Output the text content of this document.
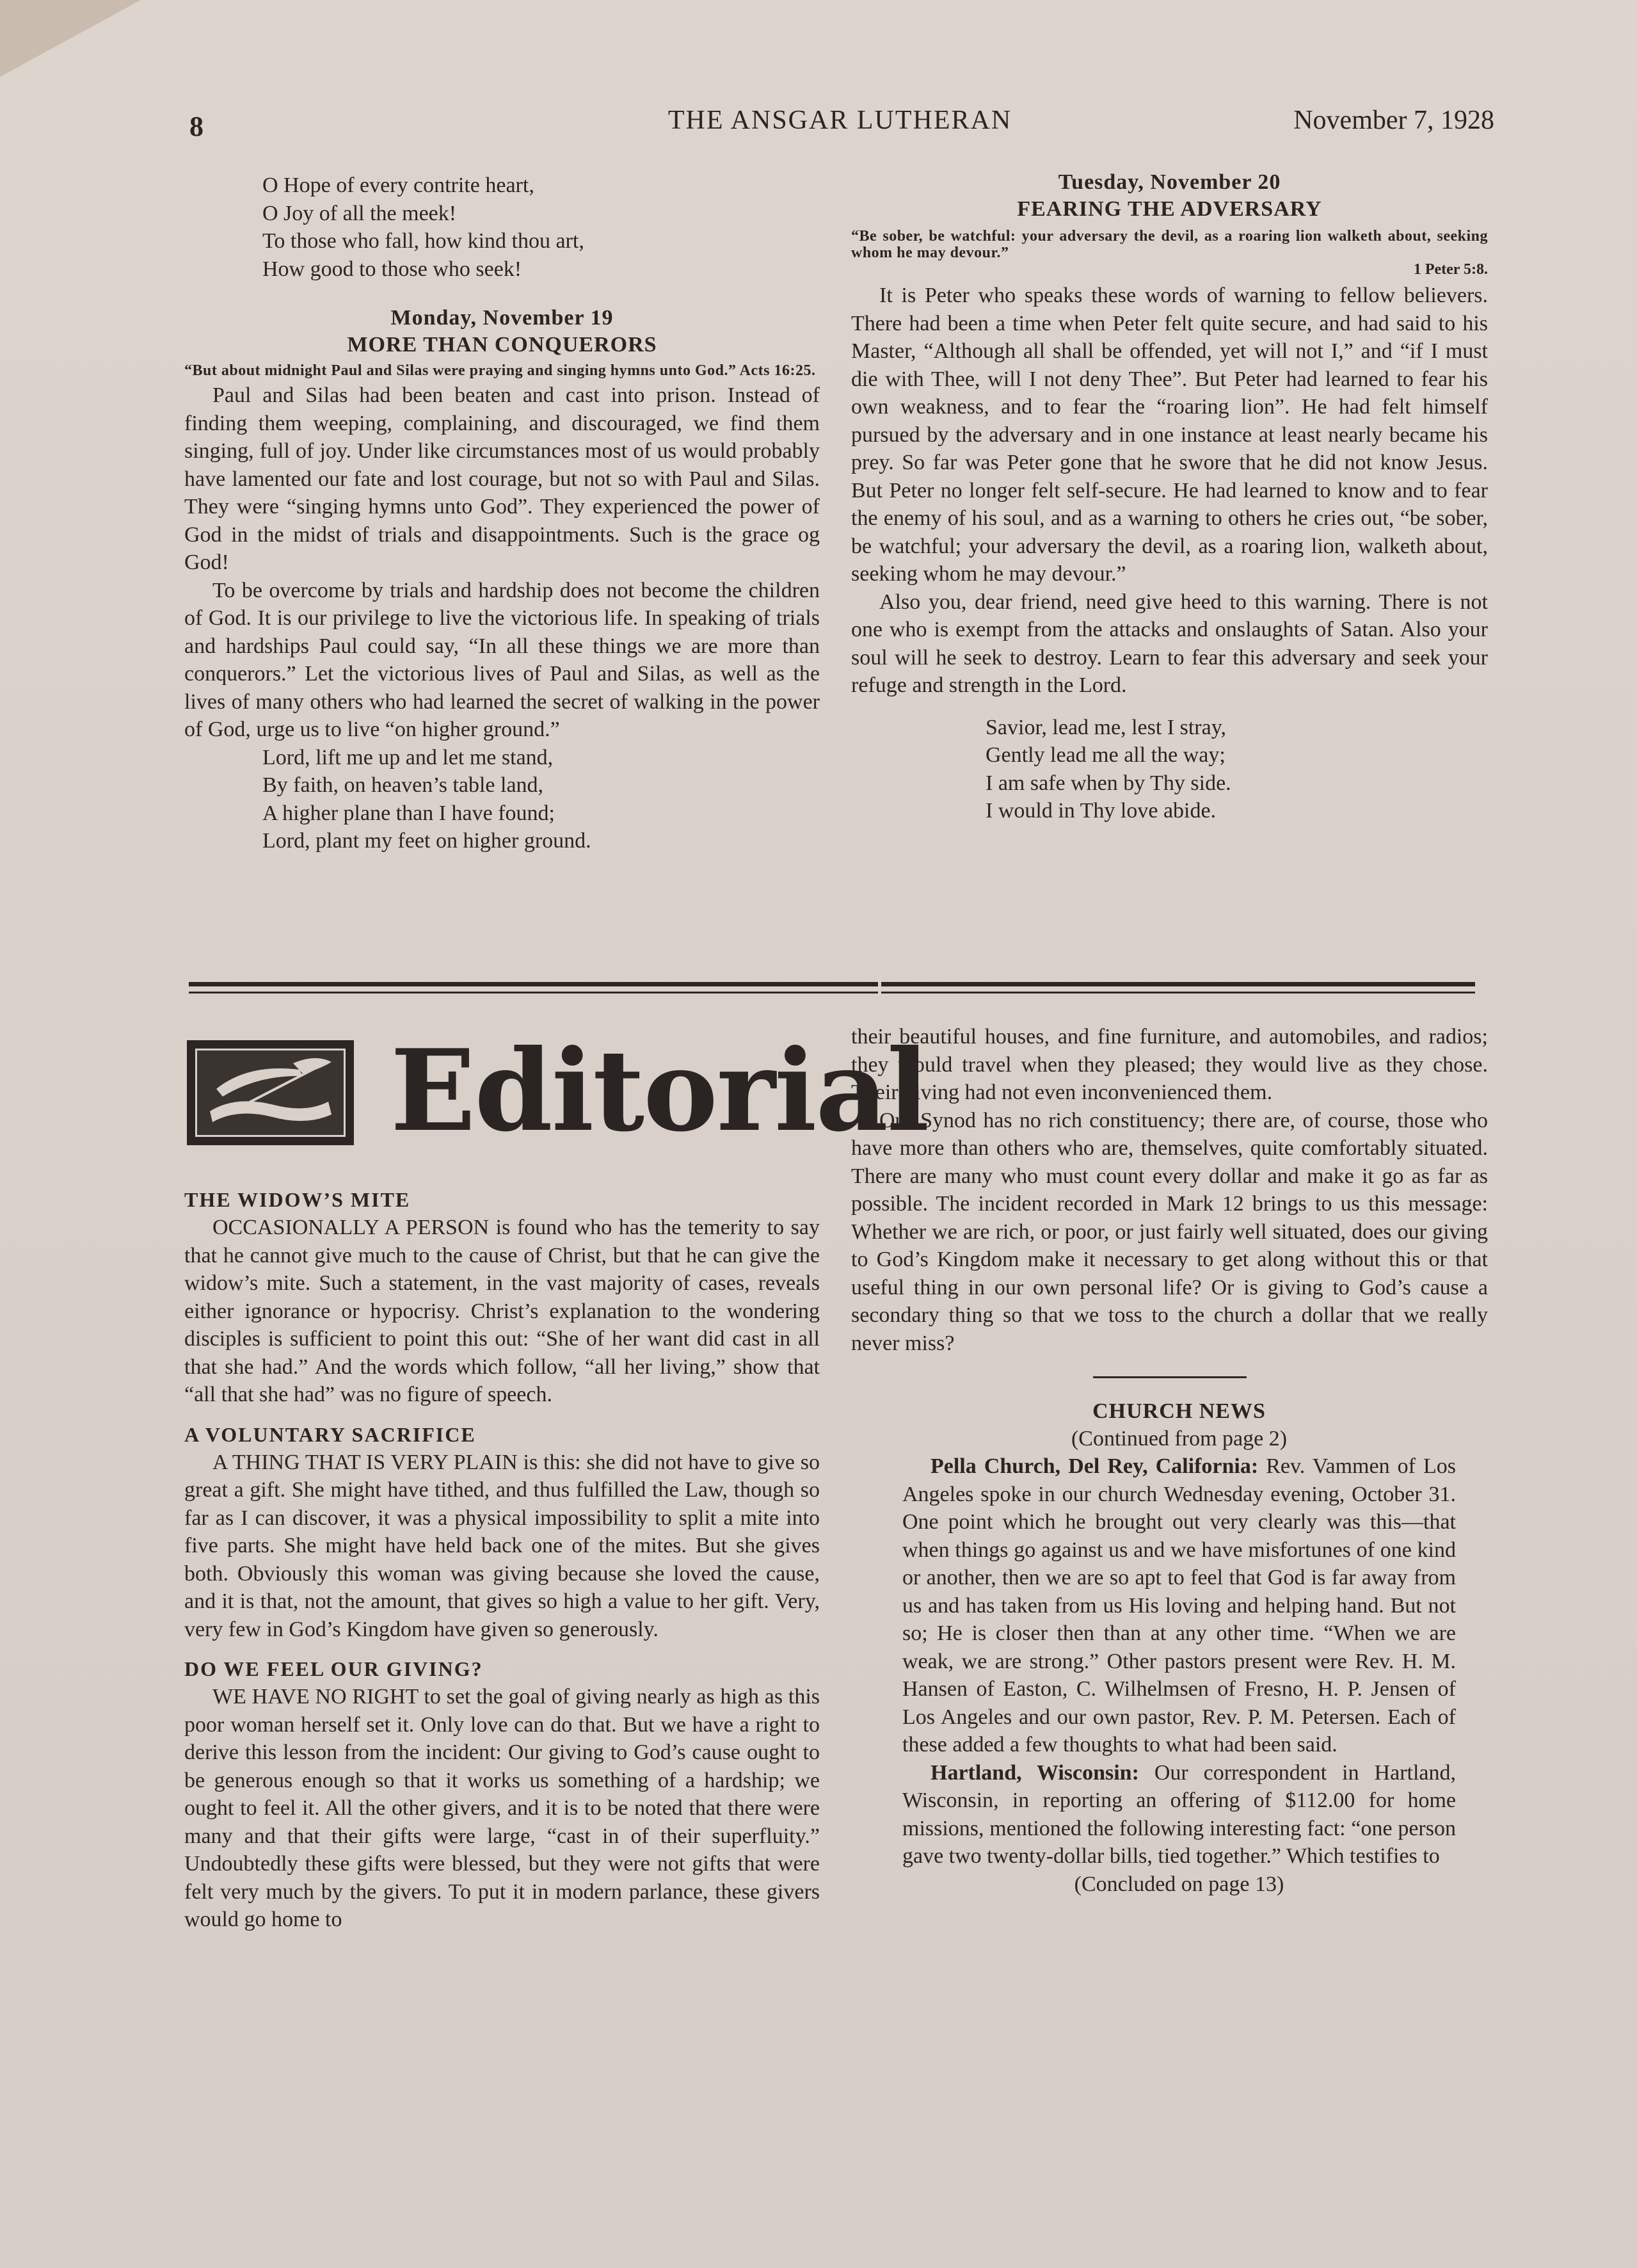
8	THE ANSGAR LUTHERAN	November 7, 1928
O Hope of every contrite heart,
O Joy of all the meek!
To those who fall, how kind thou art,
How good to those who seek!
Monday, November 19
MORE THAN CONQUERORS
“But about midnight Paul and Silas were praying and singing hymns unto God.” Acts 16:25.

Paul and Silas had been beaten and cast into prison. Instead of finding them weeping, complaining, and discouraged, we find them singing, full of joy. Under like circumstances most of us would probably have lamented our fate and lost courage, but not so with Paul and Silas. They were “singing hymns unto God”. They experienced the power of God in the midst of trials and disappointments. Such is the grace og God!

To be overcome by trials and hardship does not become the children of God. It is our privilege to live the victorious life. In speaking of trials and hardships Paul could say, “In all these things we are more than conquerors.” Let the victorious lives of Paul and Silas, as well as the lives of many others who had learned the secret of walking in the power of God, urge us to live “on higher ground.”

Lord, lift me up and let me stand,
By faith, on heaven’s table land,
A higher plane than I have found;
Lord, plant my feet on higher ground.
Tuesday, November 20
FEARING THE ADVERSARY
“Be sober, be watchful: your adversary the devil, as a roaring lion walketh about, seeking whom he may devour.”
1 Peter 5:8.

It is Peter who speaks these words of warning to fellow believers. There had been a time when Peter felt quite secure, and had said to his Master, “Although all shall be offended, yet will not I,” and “if I must die with Thee, will I not deny Thee”. But Peter had learned to fear his own weakness, and to fear the “roaring lion”. He had felt himself pursued by the adversary and in one instance at least nearly became his prey. So far was Peter gone that he swore that he did not know Jesus. But Peter no longer felt self-secure. He had learned to know and to fear the enemy of his soul, and as a warning to others he cries out, “be sober, be watchful; your adversary the devil, as a roaring lion, walketh about, seeking whom he may devour.”

Also you, dear friend, need give heed to this warning. There is not one who is exempt from the attacks and onslaughts of Satan. Also your soul will he seek to destroy. Learn to fear this adversary and seek your refuge and strength in the Lord.

Savior, lead me, lest I stray,
Gently lead me all the way;
I am safe when by Thy side.
I would in Thy love abide.
Editorial
THE WIDOW’S MITE

OCCASIONALLY A PERSON is found who has the temerity to say that he cannot give much to the cause of Christ, but that he can give the widow’s mite. Such a statement, in the vast majority of cases, reveals either ignorance or hypocrisy. Christ’s explanation to the wondering disciples is sufficient to point this out: “She of her want did cast in all that she had.” And the words which follow, “all her living,” show that “all that she had” was no figure of speech.

A VOLUNTARY SACRIFICE

A THING THAT IS VERY PLAIN is this: she did not have to give so great a gift. She might have tithed, and thus fulfilled the Law, though so far as I can discover, it was a physical impossibility to split a mite into five parts. She might have held back one of the mites. But she gives both. Obviously this woman was giving because she loved the cause, and it is that, not the amount, that gives so high a value to her gift. Very, very few in God’s Kingdom have given so generously.

DO WE FEEL OUR GIVING?

WE HAVE NO RIGHT to set the goal of giving nearly as high as this poor woman herself set it. Only love can do that. But we have a right to derive this lesson from the incident: Our giving to God’s cause ought to be generous enough so that it works us something of a hardship; we ought to feel it. All the other givers, and it is to be noted that there were many and that their gifts were large, “cast in of their superfluity.” Undoubtedly these gifts were blessed, but they were not gifts that were felt very much by the givers. To put it in modern parlance, these givers would go home to

their beautiful houses, and fine furniture, and automobiles, and radios; they would travel when they pleased; they would live as they chose. Their giving had not even inconvenienced them.

Our Synod has no rich constituency; there are, of course, those who have more than others who are, themselves, quite comfortably situated. There are many who must count every dollar and make it go as far as possible. The incident recorded in Mark 12 brings to us this message: Whether we are rich, or poor, or just fairly well situated, does our giving to God’s Kingdom make it necessary to get along without this or that useful thing in our own personal life? Or is giving to God’s cause a secondary thing so that we toss to the church a dollar that we really never miss?

CHURCH NEWS
(Continued from page 2)

Pella Church, Del Rey, California: Rev. Vammen of Los Angeles spoke in our church Wednesday evening, October 31. One point which he brought out very clearly was this—that when things go against us and we have misfortunes of one kind or another, then we are so apt to feel that God is far away from us and has taken from us His loving and helping hand. But not so; He is closer then than at any other time. “When we are weak, we are strong.” Other pastors present were Rev. H. M. Hansen of Easton, C. Wilhelmsen of Fresno, H. P. Jensen of Los Angeles and our own pastor, Rev. P. M. Petersen. Each of these added a few thoughts to what had been said.

Hartland, Wisconsin: Our correspondent in Hartland, Wisconsin, in reporting an offering of $112.00 for home missions, mentioned the following interesting fact: “one person gave two twenty-dollar bills, tied together.” Which testifies to

(Concluded on page 13)
